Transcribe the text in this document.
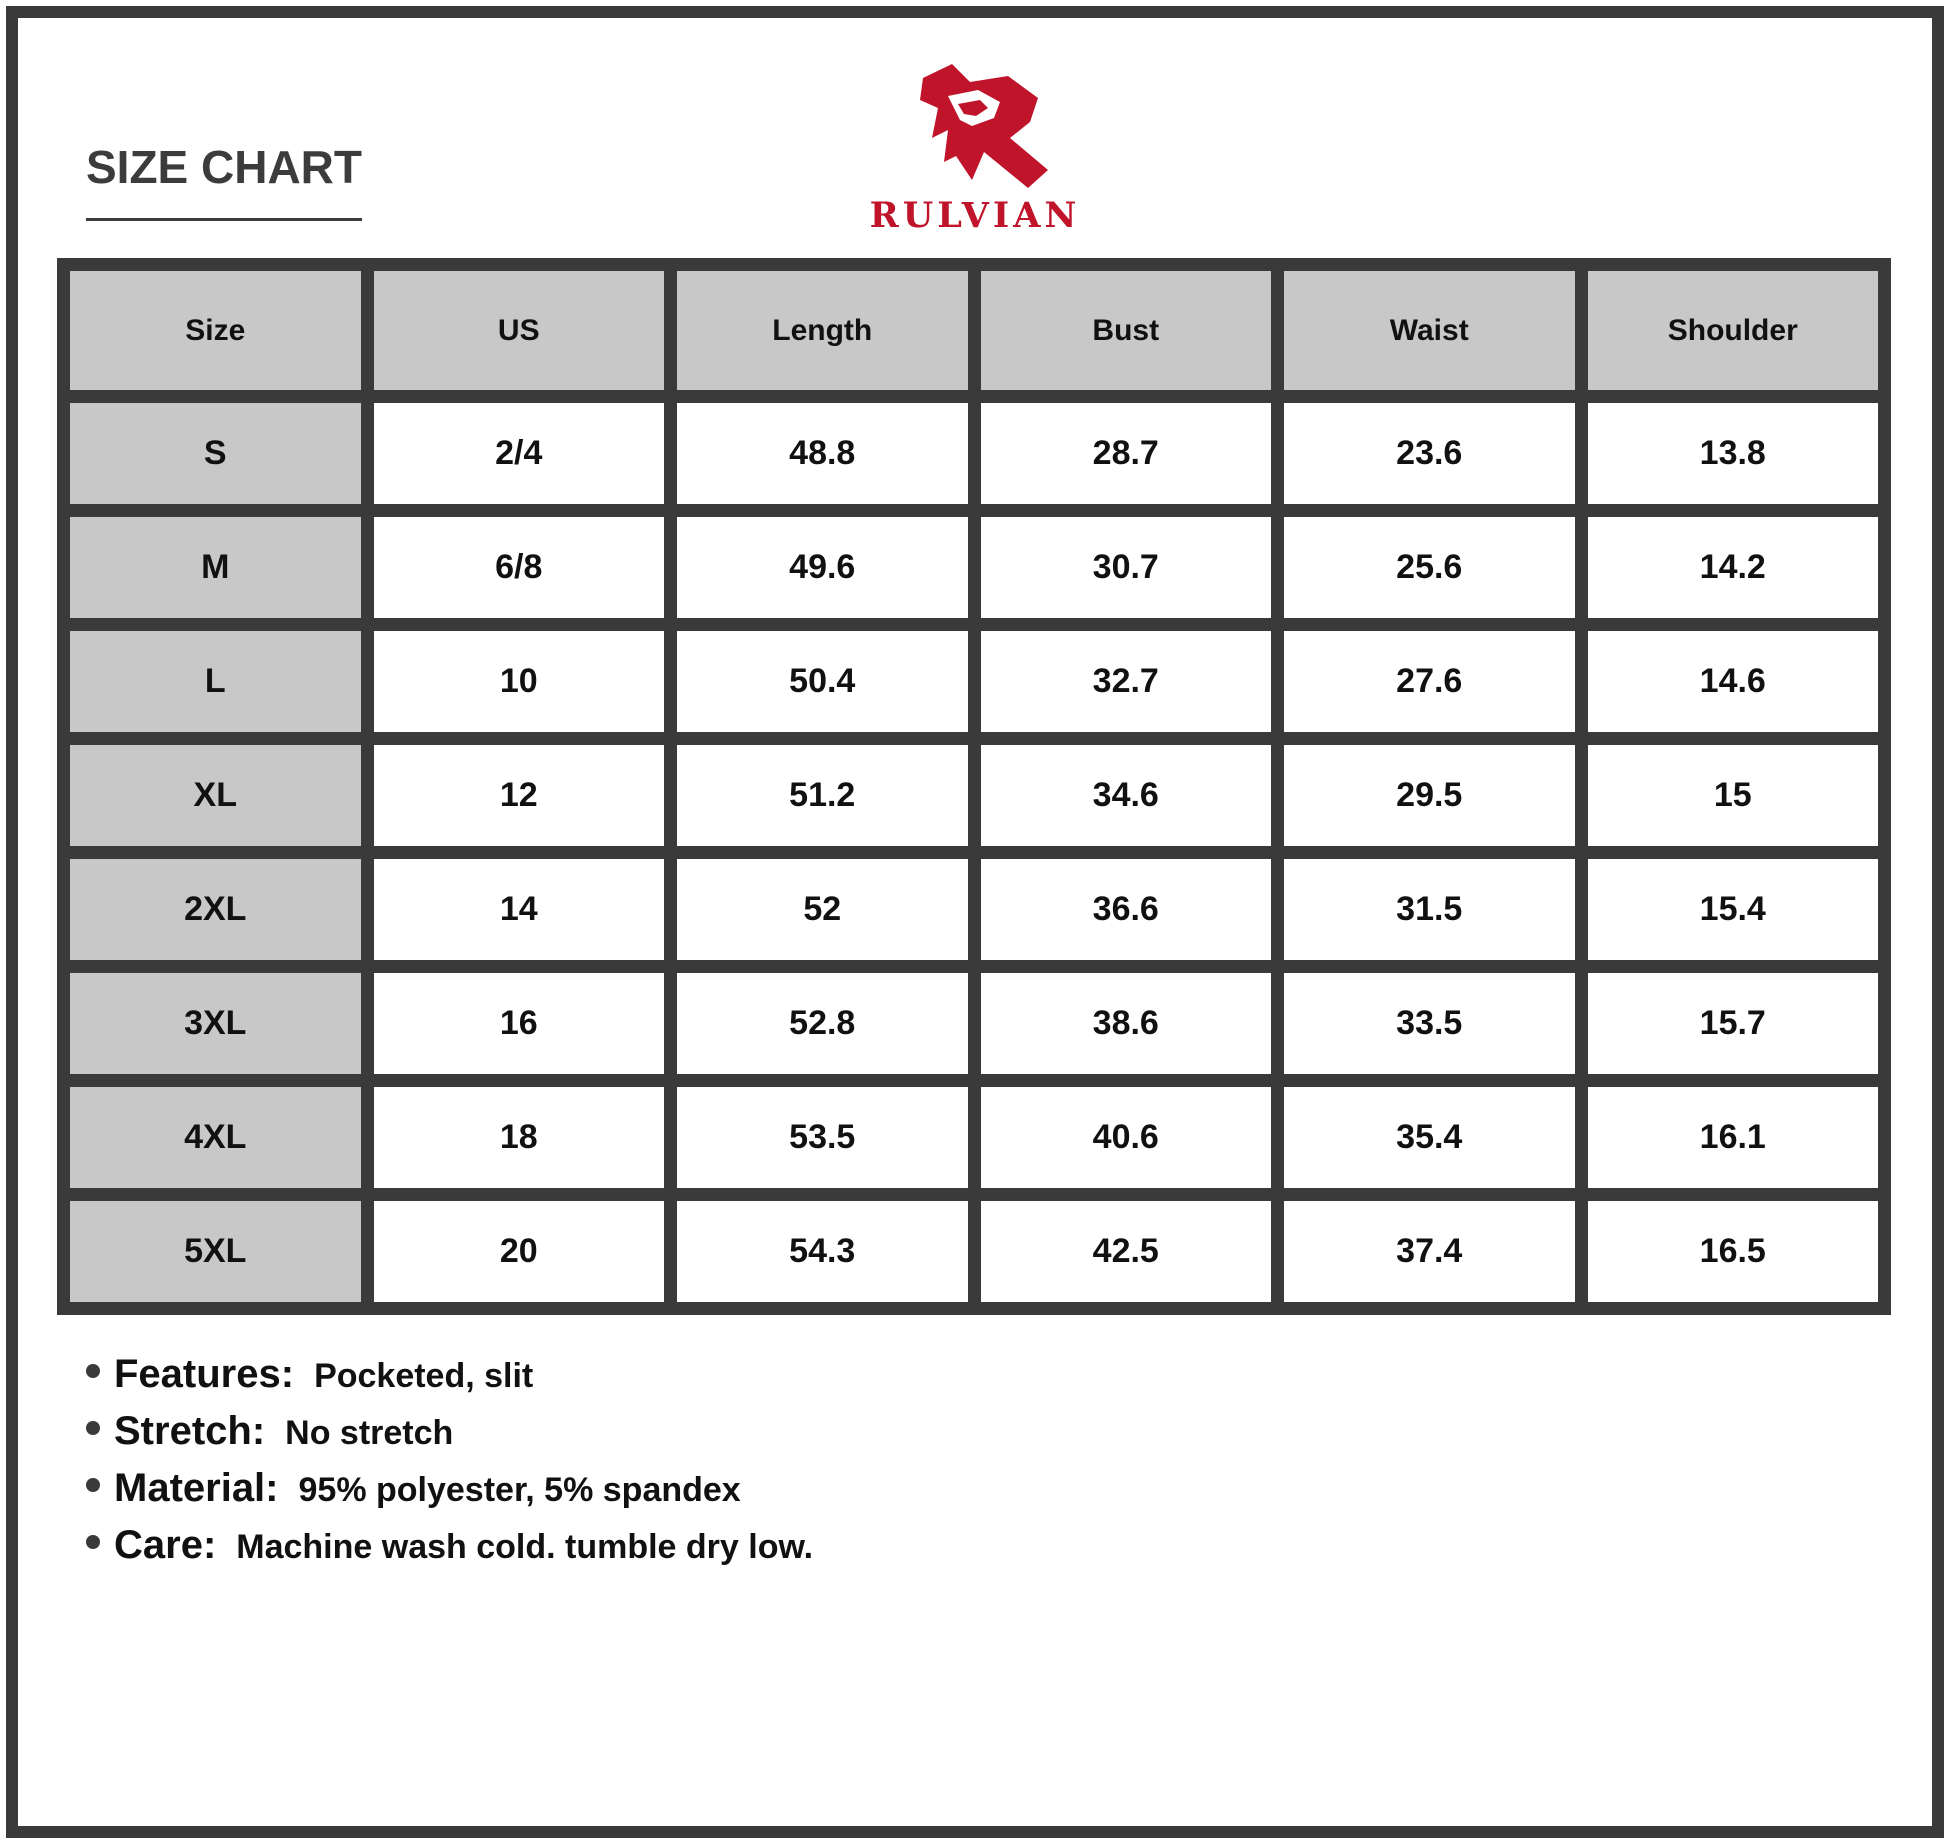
SIZE CHART
RULVIAN
Size	US	Length	Bust	Waist	Shoulder
S	2/4	48.8	28.7	23.6	13.8
M	6/8	49.6	30.7	25.6	14.2
L	10	50.4	32.7	27.6	14.6
XL	12	51.2	34.6	29.5	15
2XL	14	52	36.6	31.5	15.4
3XL	16	52.8	38.6	33.5	15.7
4XL	18	53.5	40.6	35.4	16.1
5XL	20	54.3	42.5	37.4	16.5
Features: Pocketed, slit
Stretch: No stretch
Material: 95% polyester, 5% spandex
Care: Machine wash cold. tumble dry low.
